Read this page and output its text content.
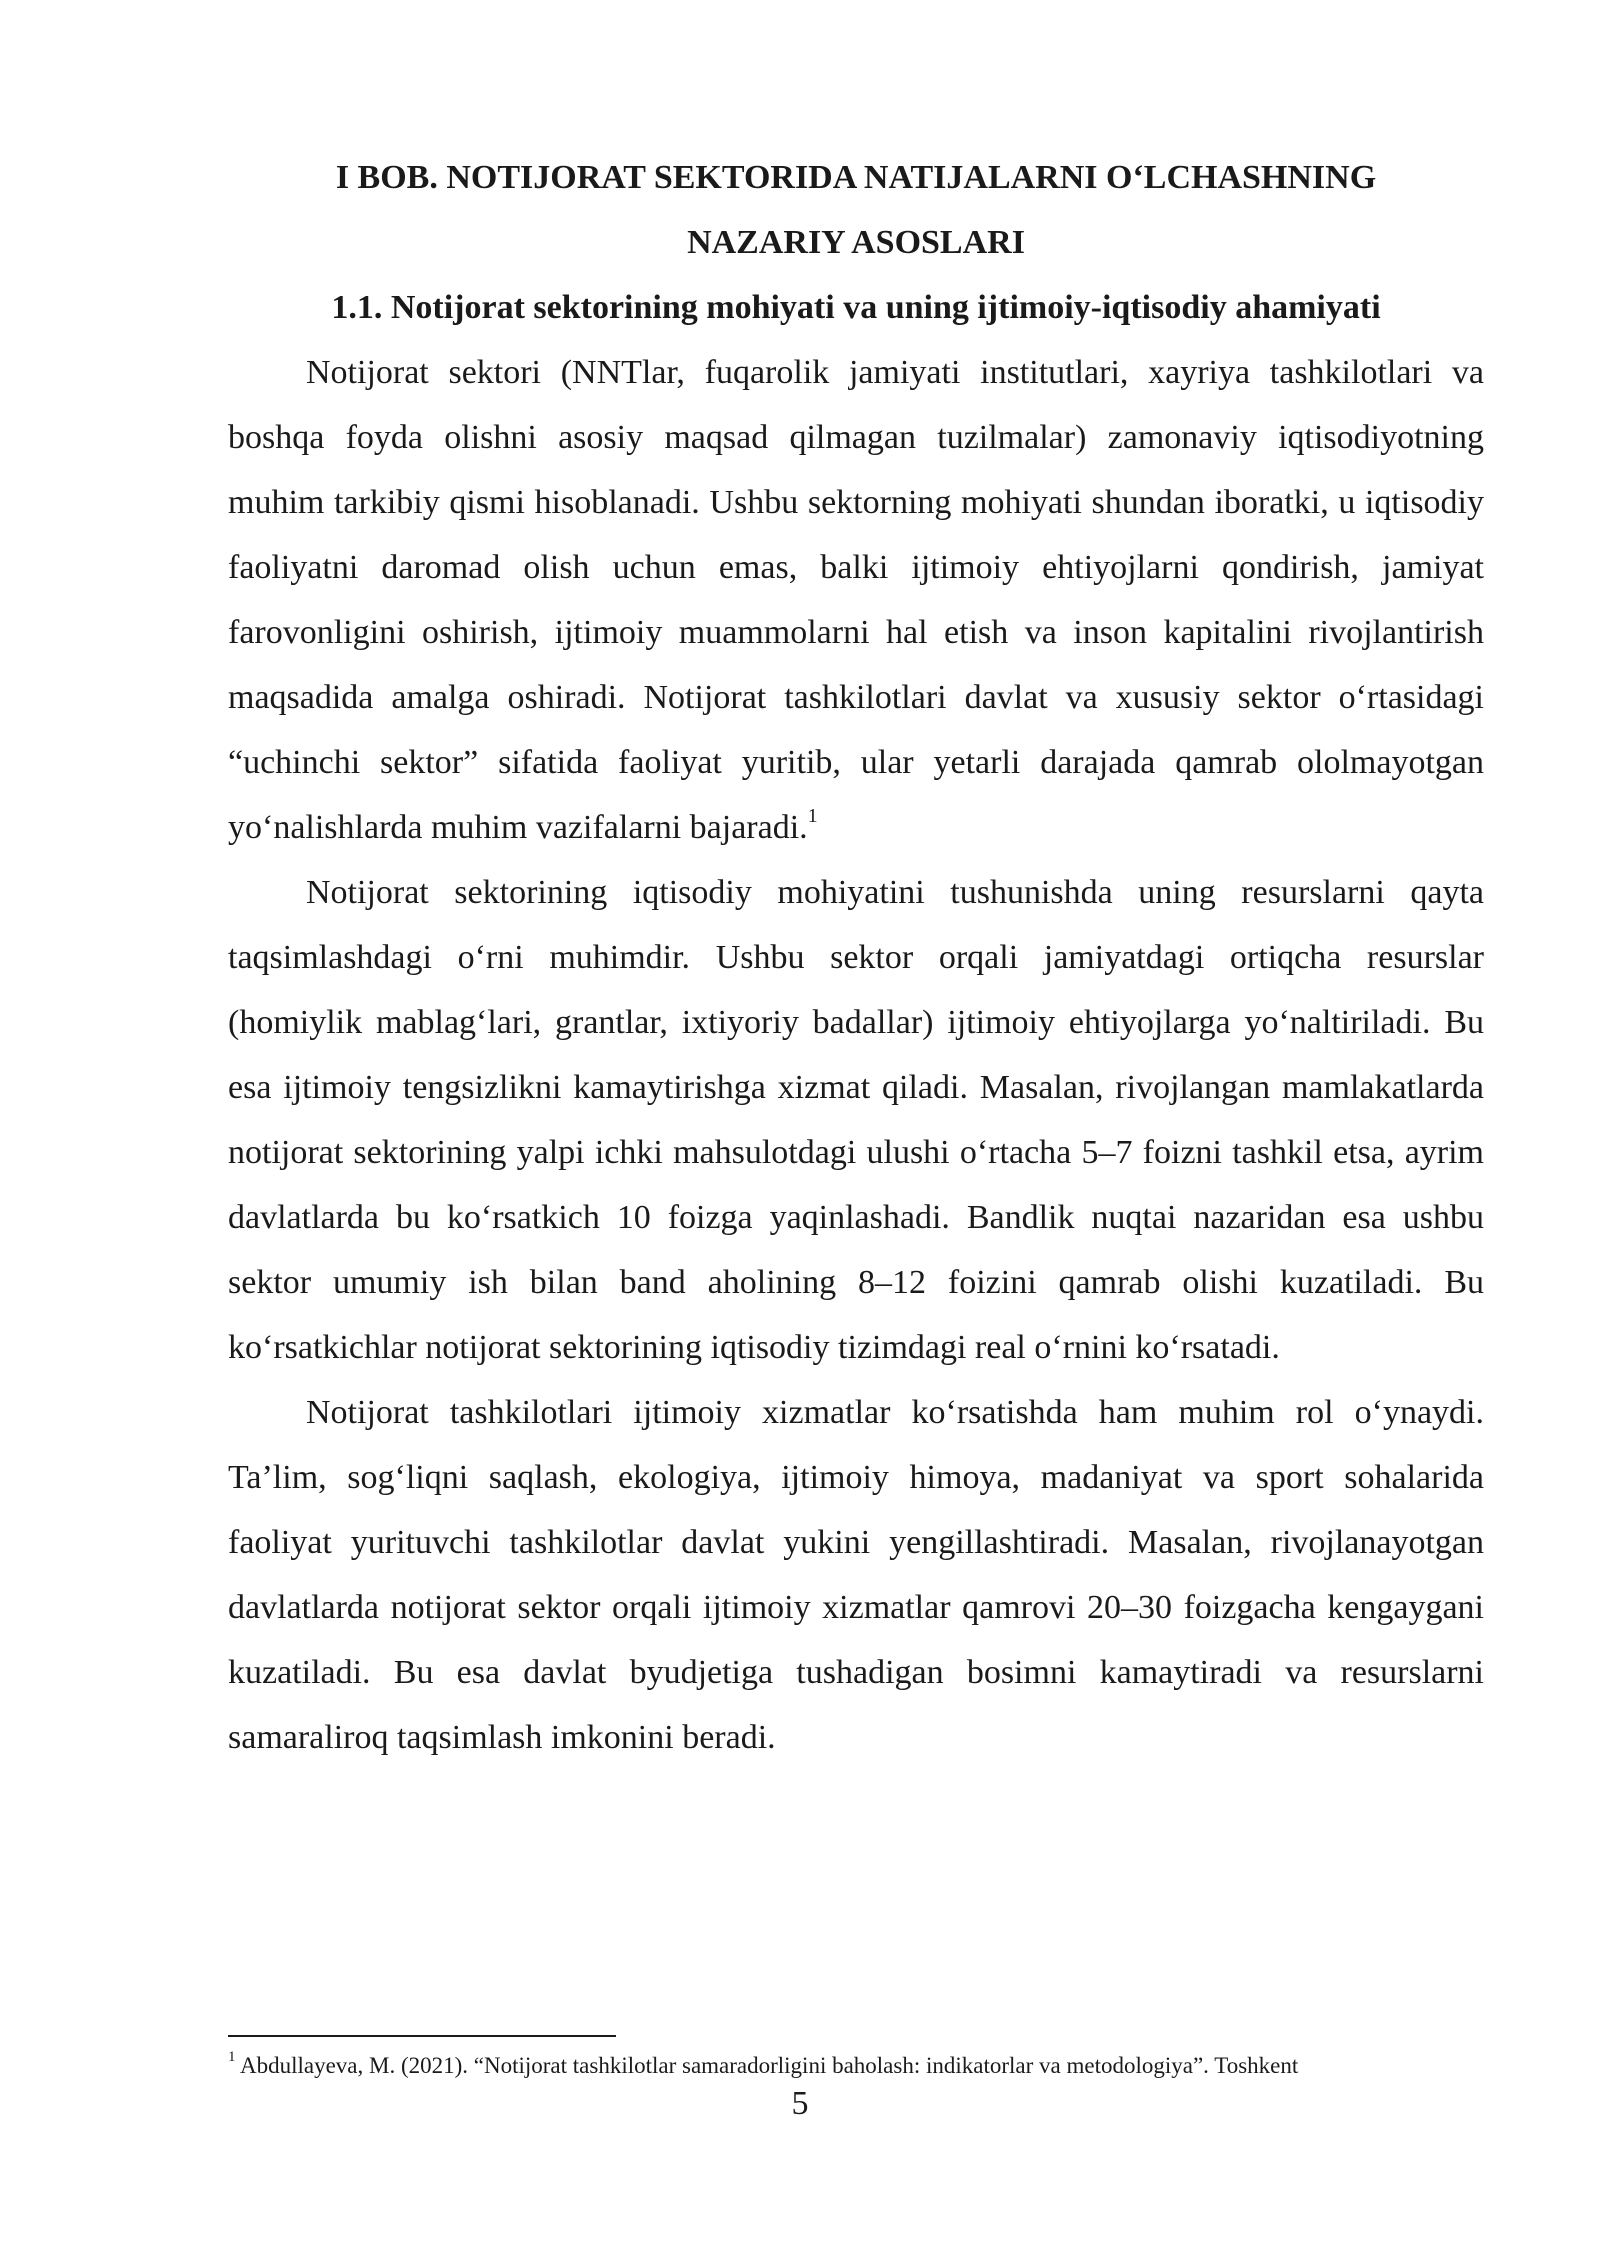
I BOB. NOTIJORAT SEKTORIDA NATIJALARNI O‘LCHASHNING
NAZARIY ASOSLARI
1.1. Notijorat sektorining mohiyati va uning ijtimoiy-iqtisodiy ahamiyati

Notijorat sektori (NNTlar, fuqarolik jamiyati institutlari, xayriya tashkilotlari va boshqa foyda olishni asosiy maqsad qilmagan tuzilmalar) zamonaviy iqtisodiyotning muhim tarkibiy qismi hisoblanadi. Ushbu sektorning mohiyati shundan iboratki, u iqtisodiy faoliyatni daromad olish uchun emas, balki ijtimoiy ehtiyojlarni qondirish, jamiyat farovonligini oshirish, ijtimoiy muammolarni hal etish va inson kapitalini rivojlantirish maqsadida amalga oshiradi. Notijorat tashkilotlari davlat va xususiy sektor o‘rtasidagi “uchinchi sektor” sifatida faoliyat yuritib, ular yetarli darajada qamrab ololmayotgan yo‘nalishlarda muhim vazifalarni bajaradi.$^1$

Notijorat sektorining iqtisodiy mohiyatini tushunishda uning resurslarni qayta taqsimlashdagi o‘rni muhimdir. Ushbu sektor orqali jamiyatdagi ortiqcha resurslar (homiylik mablag‘lari, grantlar, ixtiyoriy badallar) ijtimoiy ehtiyojlarga yo‘naltiriladi. Bu esa ijtimoiy tengsizlikni kamaytirishga xizmat qiladi. Masalan, rivojlangan mamlakatlarda notijorat sektorining yalpi ichki mahsulotdagi ulushi o‘rtacha 5–7 foizni tashkil etsa, ayrim davlatlarda bu ko‘rsatkich 10 foizga yaqinlashadi. Bandlik nuqtai nazaridan esa ushbu sektor umumiy ish bilan band aholining 8–12 foizini qamrab olishi kuzatiladi. Bu ko‘rsatkichlar notijorat sektorining iqtisodiy tizimdagi real o‘rnini ko‘rsatadi.

Notijorat tashkilotlari ijtimoiy xizmatlar ko‘rsatishda ham muhim rol o‘ynaydi. Ta’lim, sog‘liqni saqlash, ekologiya, ijtimoiy himoya, madaniyat va sport sohalarida faoliyat yurituvchi tashkilotlar davlat yukini yengillashtiradi. Masalan, rivojlanayotgan davlatlarda notijorat sektor orqali ijtimoiy xizmatlar qamrovi 20–30 foizgacha kengaygani kuzatiladi. Bu esa davlat byudjetiga tushadigan bosimni kamaytiradi va resurslarni samaraliroq taqsimlash imkonini beradi.

$^1$ Abdullayeva, M. (2021). “Notijorat tashkilotlar samaradorligini baholash: indikatorlar va metodologiya”. Toshkent
5
